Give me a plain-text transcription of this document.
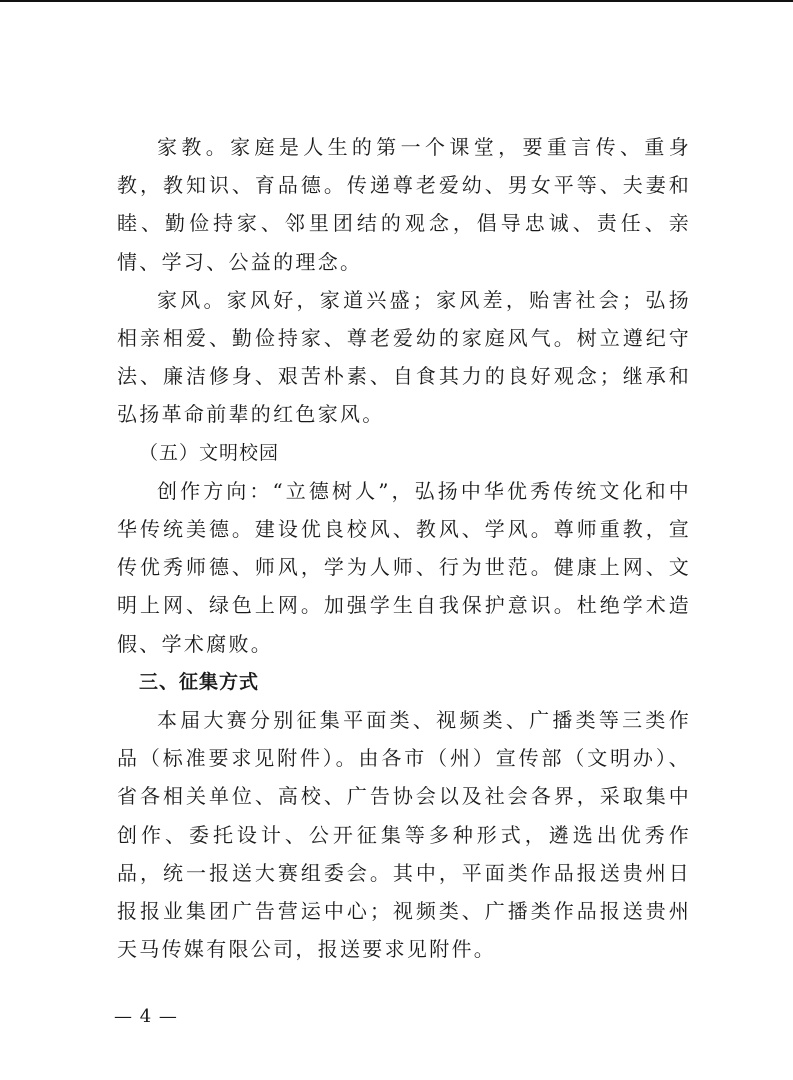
家教。家庭是人生的第一个课堂，要重言传、重身教，教知识、育品德。传递尊老爱幼、男女平等、夫妻和睦、勤俭持家、邻里团结的观念，倡导忠诚、责任、亲情、学习、公益的理念。

家风。家风好，家道兴盛；家风差，贻害社会；弘扬相亲相爱、勤俭持家、尊老爱幼的家庭风气。树立遵纪守法、廉洁修身、艰苦朴素、自食其力的良好观念；继承和弘扬革命前辈的红色家风。

（五）文明校园

创作方向：“立德树人”，弘扬中华优秀传统文化和中华传统美德。建设优良校风、教风、学风。尊师重教，宣传优秀师德、师风，学为人师、行为世范。健康上网、文明上网、绿色上网。加强学生自我保护意识。杜绝学术造假、学术腐败。

三、征集方式

本届大赛分别征集平面类、视频类、广播类等三类作品（标准要求见附件）。由各市（州）宣传部（文明办）、省各相关单位、高校、广告协会以及社会各界，采取集中创作、委托设计、公开征集等多种形式，遴选出优秀作品，统一报送大赛组委会。其中，平面类作品报送贵州日报报业集团广告营运中心；视频类、广播类作品报送贵州天马传媒有限公司，报送要求见附件。

— 4 —
